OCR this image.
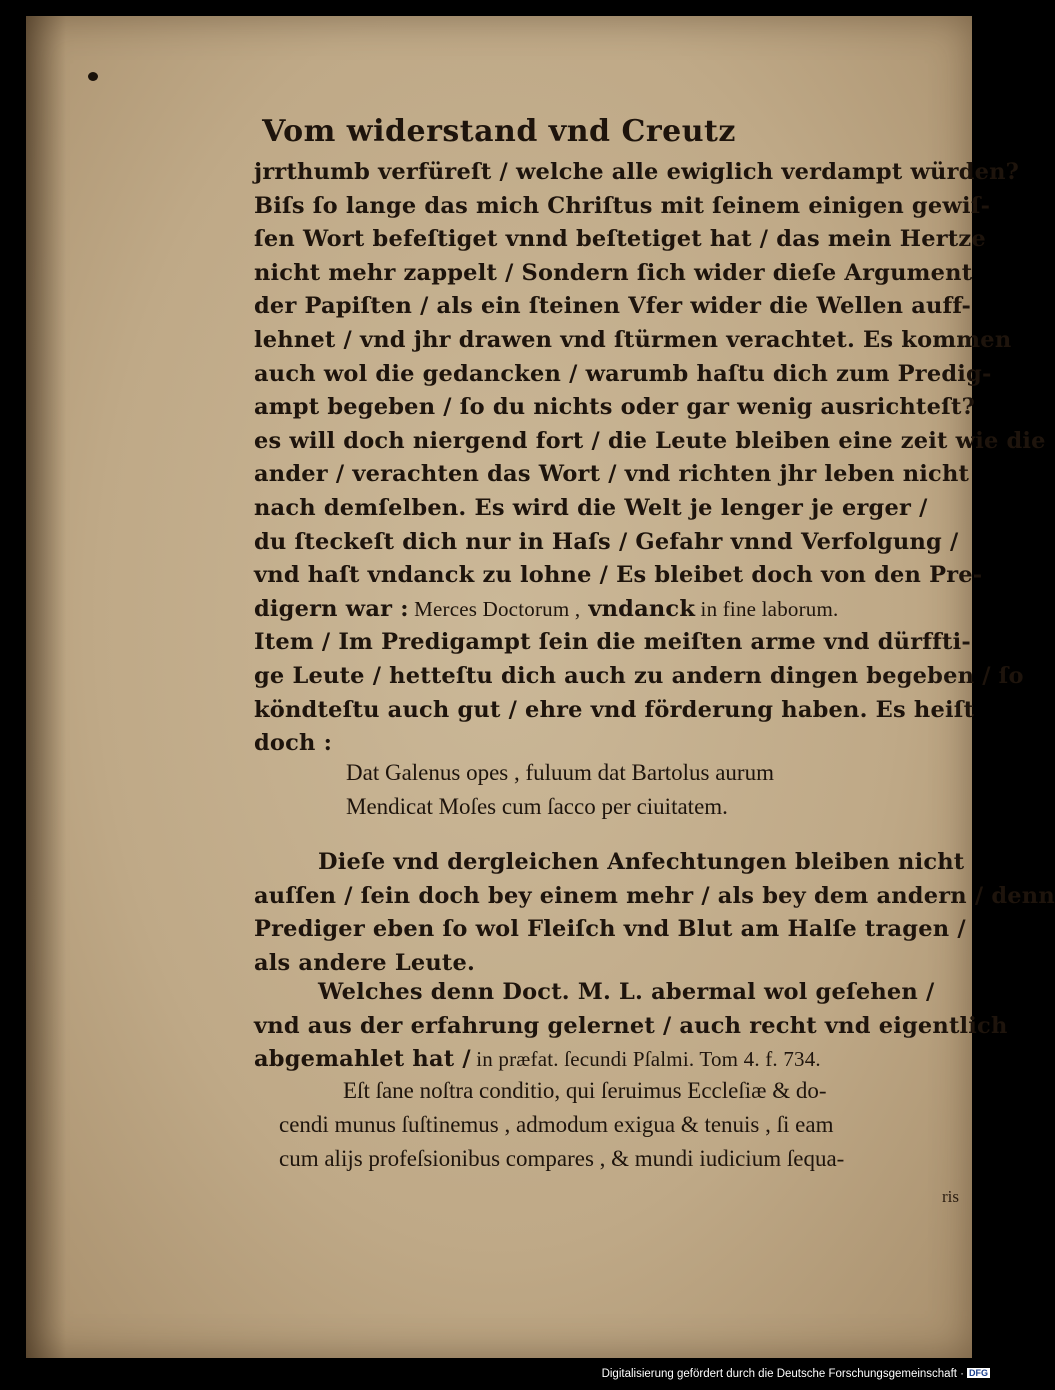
Vom widerstand vnd Creutz
jrrthumb verfüreſt / welche alle ewiglich verdampt würden?
Biſs ſo lange das mich Chriſtus mit ſeinem einigen gewiſ-
ſen Wort befeſtiget vnnd beſtetiget hat / das mein Hertze
nicht mehr zappelt / Sondern ſich wider dieſe Argument
der Papiſten / als ein ſteinen Vfer wider die Wellen auff-
lehnet / vnd jhr drawen vnd ſtürmen verachtet. Es kommen
auch wol die gedancken / warumb haſtu dich zum Predig-
ampt begeben / ſo du nichts oder gar wenig ausrichteſt?
es will doch niergend fort / die Leute bleiben eine zeit wie die
ander / verachten das Wort / vnd richten jhr leben nicht
nach demſelben. Es wird die Welt je lenger je erger /
du ſteckeſt dich nur in Haſs / Gefahr vnnd Verfolgung /
vnd haſt vndanck zu lohne / Es bleibet doch von den Pre-
digern war : Merces Doctorum , vndanck in fine laborum.
Item / Im Predigampt ſein die meiſten arme vnd dürffti-
ge Leute / hetteſtu dich auch zu andern dingen begeben / ſo
köndteſtu auch gut / ehre vnd förderung haben. Es heiſt
doch :
Dat Galenus opes , fuluum dat Bartolus aurum
Mendicat Moſes cum ſacco per ciuitatem.
Dieſe vnd dergleichen Anfechtungen bleiben nicht
auſſen / ſein doch bey einem mehr / als bey dem andern / denn
Prediger eben ſo wol Fleiſch vnd Blut am Halſe tragen /
als andere Leute.
Welches denn Doct. M. L. abermal wol geſehen /
vnd aus der erfahrung gelernet / auch recht vnd eigentlich
abgemahlet hat / in præfat. ſecundi Pſalmi. Tom 4. f. 734.
Eſt ſane noſtra conditio, qui ſeruimus Eccleſiæ & do-
cendi munus ſuſtinemus , admodum exigua & tenuis , ſi eam
cum alijs profeſsionibus compares , & mundi iudicium ſequa-
ris
Digitalisierung gefördert durch die Deutsche Forschungsgemeinschaft · DFG
